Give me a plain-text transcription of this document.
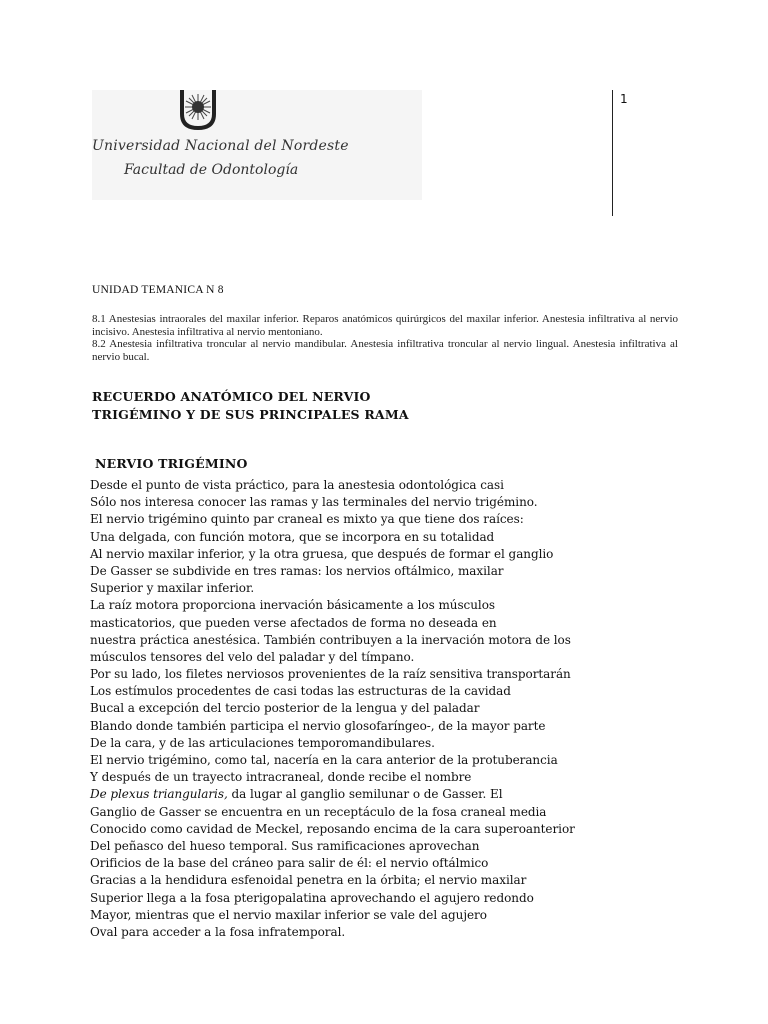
Universidad Nacional del Nordeste
Facultad de Odontología
1
UNIDAD TEMANICA N 8

8.1 Anestesias intraorales del maxilar inferior. Reparos anatómicos quirúrgicos del maxilar inferior. Anestesia infiltrativa al nervio incisivo. Anestesia infiltrativa al nervio mentoniano.

8.2 Anestesia infiltrativa troncular al nervio mandibular. Anestesia infiltrativa troncular al nervio lingual. Anestesia infiltrativa al nervio bucal.

RECUERDO ANATÓMICO DEL NERVIO
TRIGÉMINO Y DE SUS PRINCIPALES RAMA
NERVIO TRIGÉMINO
Desde el punto de vista práctico, para la anestesia odontológica casi
Sólo nos interesa conocer las ramas y las terminales del nervio trigémino.
El nervio trigémino quinto par craneal es mixto ya que tiene dos raíces:
Una delgada, con función motora, que se incorpora en su totalidad
Al nervio maxilar inferior, y la otra gruesa, que después de formar el ganglio
De Gasser se subdivide en tres ramas: los nervios oftálmico, maxilar
Superior y maxilar inferior.
La raíz motora proporciona inervación básicamente a los músculos
masticatorios, que pueden verse afectados de forma no deseada en
nuestra práctica anestésica. También contribuyen a la inervación motora de los
músculos tensores del velo del paladar y del tímpano.
Por su lado, los filetes nerviosos provenientes de la raíz sensitiva transportarán
Los estímulos procedentes de casi todas las estructuras de la cavidad
Bucal a excepción del tercio posterior de la lengua y del paladar
Blando donde también participa el nervio glosofaríngeo-, de la mayor parte
De la cara, y de las articulaciones temporomandibulares.
El nervio trigémino, como tal, nacería en la cara anterior de la protuberancia
Y después de un trayecto intracraneal, donde recibe el nombre
De plexus triangularis, da lugar al ganglio semilunar o de Gasser. El
Ganglio de Gasser se encuentra en un receptáculo de la fosa craneal media
Conocido como cavidad de Meckel, reposando encima de la cara superoanterior
Del peñasco del hueso temporal. Sus ramificaciones aprovechan
Orificios de la base del cráneo para salir de él: el nervio oftálmico
Gracias a la hendidura esfenoidal penetra en la órbita; el nervio maxilar
Superior llega a la fosa pterigopalatina aprovechando el agujero redondo
Mayor, mientras que el nervio maxilar inferior se vale del agujero
Oval para acceder a la fosa infratemporal.
